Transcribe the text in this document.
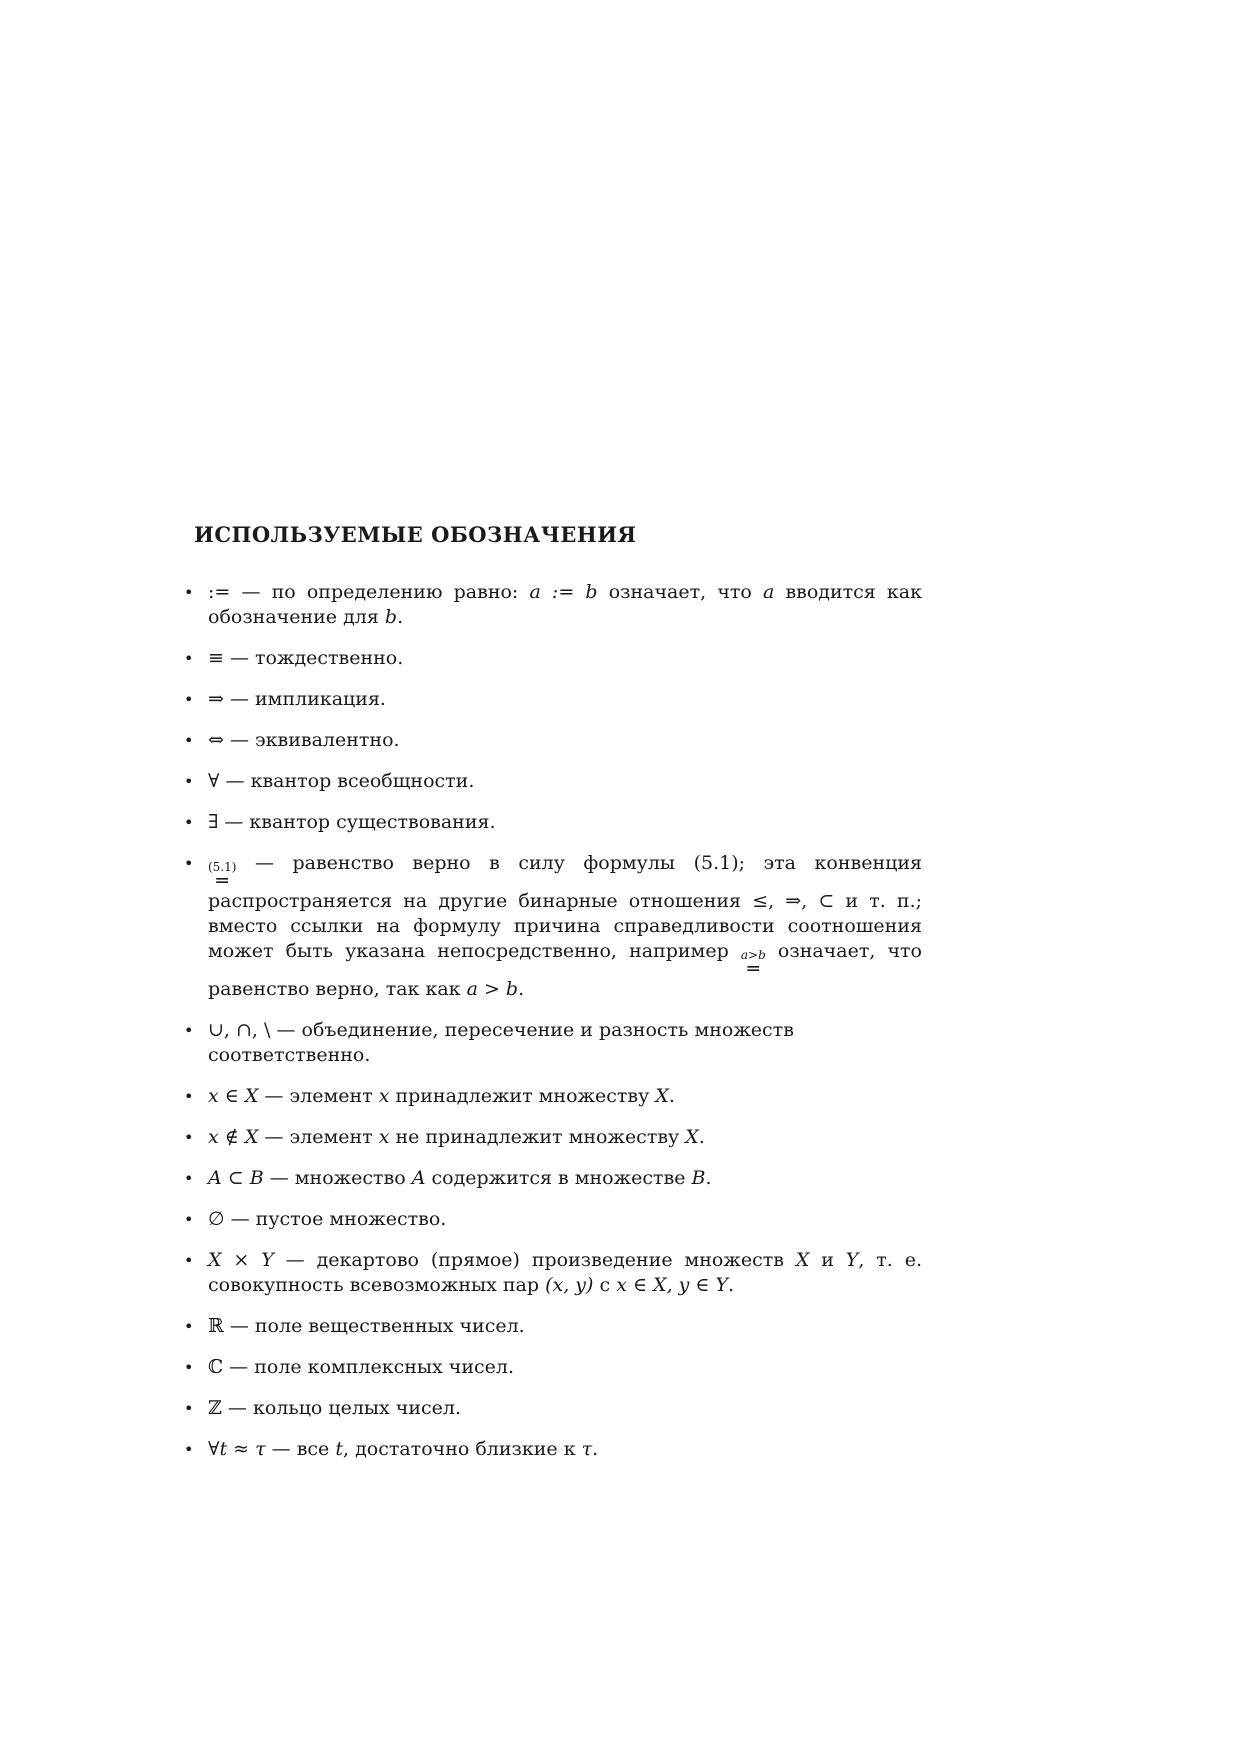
ИСПОЛЬЗУЕМЫЕ ОБОЗНАЧЕНИЯ
• := — по определению равно: a := b означает, что a вводится как обозначение для b.
• ≡ — тождественно.
• ⇒ — импликация.
• ⇔ — эквивалентно.
• ∀ — квантор всеобщности.
• ∃ — квантор существования.
• (5.1)
═
— равенство верно в силу формулы (5.1); эта конвенция распространяется на другие бинарные отношения ≤, ⇒, ⊂ и т. п.; вместо ссылки на формулу причина справедливости соотношения может быть указана непосредственно, например a>b
═
означает, что равенство верно, так как a > b.
• ∪, ∩, \ — объединение, пересечение и разность множеств соответственно.
• x ∈ X — элемент x принадлежит множеству X.
• x ∉ X — элемент x не принадлежит множеству X.
• A ⊂ B — множество A содержится в множестве B.
• ∅ — пустое множество.
• X × Y — декартово (прямое) произведение множеств X и Y, т. е. совокупность всевозможных пар (x, y) с x ∈ X, y ∈ Y.
• ℝ — поле вещественных чисел.
• ℂ — поле комплексных чисел.
• ℤ — кольцо целых чисел.
• ∀t ≈ τ — все t, достаточно близкие к τ.
